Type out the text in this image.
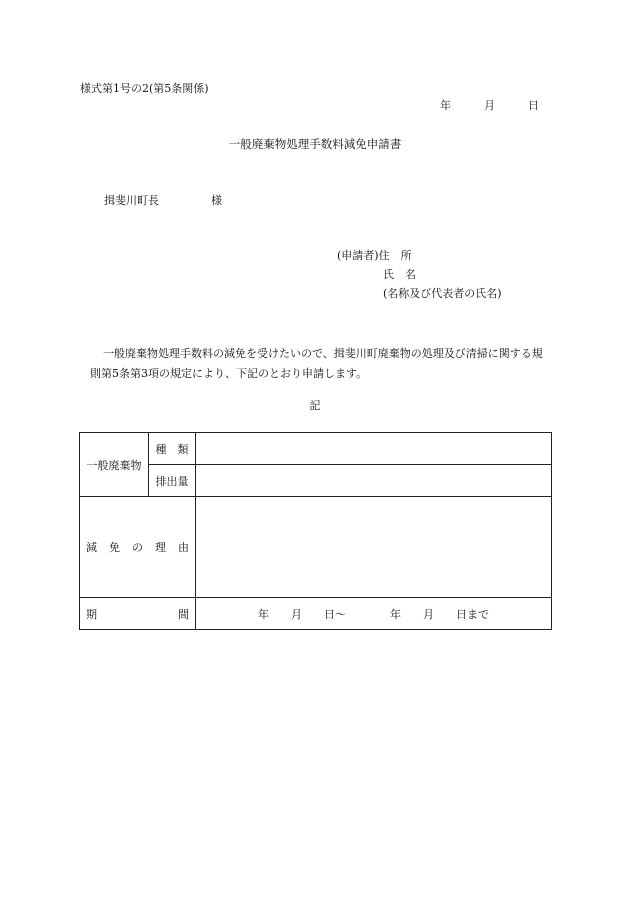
様式第1号の2(第5条関係)
年	月	日
一般廃棄物処理手数料減免申請書
揖斐川町長	様
(申請者)住　所
氏　名
(名称及び代表者の氏名)
一般廃棄物処理手数料の減免を受けたいので、揖斐川町廃棄物の処理及び清掃に関する規則第5条第3項の規定により、下記のとおり申請します。
記
一般廃棄物	種　類	
	排出量	

減 免 の 理 由		

期 間		年　　月　　日〜　　　　年　　月　　日まで
